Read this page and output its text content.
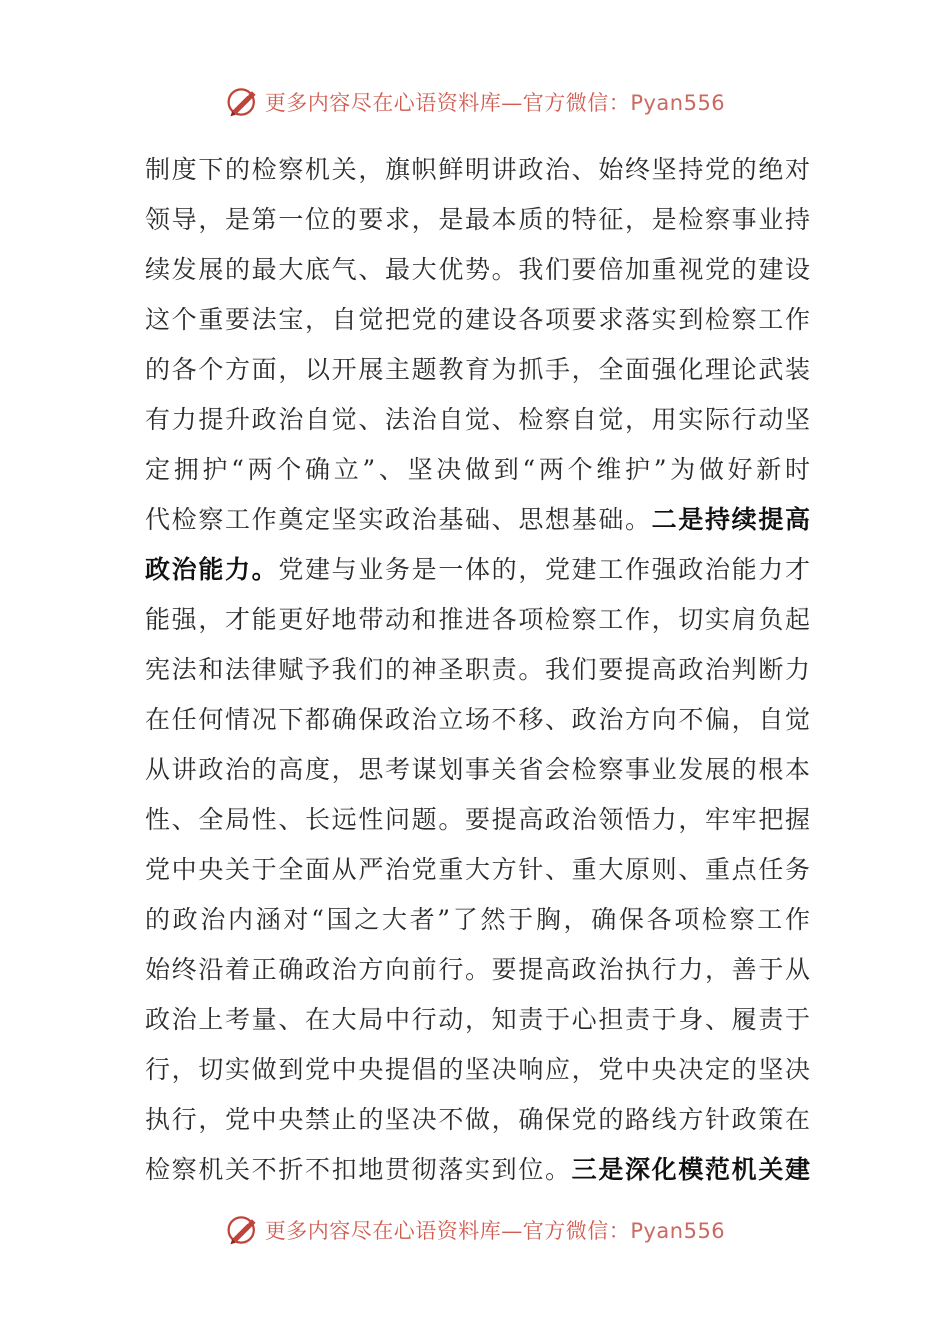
更多内容尽在心语资料库—官方微信：Pyan556
制度下的检察机关，旗帜鲜明讲政治、始终坚持党的绝对
领导，是第一位的要求，是最本质的特征，是检察事业持
续发展的最大底气、最大优势。我们要倍加重视党的建设
这个重要法宝，自觉把党的建设各项要求落实到检察工作
的各个方面，以开展主题教育为抓手，全面强化理论武装
有力提升政治自觉、法治自觉、检察自觉，用实际行动坚
定拥护“两个确立”、坚决做到“两个维护”为做好新时
代检察工作奠定坚实政治基础、思想基础。二是持续提高
政治能力。党建与业务是一体的，党建工作强政治能力才
能强，才能更好地带动和推进各项检察工作，切实肩负起
宪法和法律赋予我们的神圣职责。我们要提高政治判断力
在任何情况下都确保政治立场不移、政治方向不偏，自觉
从讲政治的高度，思考谋划事关省会检察事业发展的根本
性、全局性、长远性问题。要提高政治领悟力，牢牢把握
党中央关于全面从严治党重大方针、重大原则、重点任务
的政治内涵对“国之大者”了然于胸，确保各项检察工作
始终沿着正确政治方向前行。要提高政治执行力，善于从
政治上考量、在大局中行动，知责于心担责于身、履责于
行，切实做到党中央提倡的坚决响应，党中央决定的坚决
执行，党中央禁止的坚决不做，确保党的路线方针政策在
检察机关不折不扣地贯彻落实到位。三是深化模范机关建
更多内容尽在心语资料库—官方微信：Pyan556
